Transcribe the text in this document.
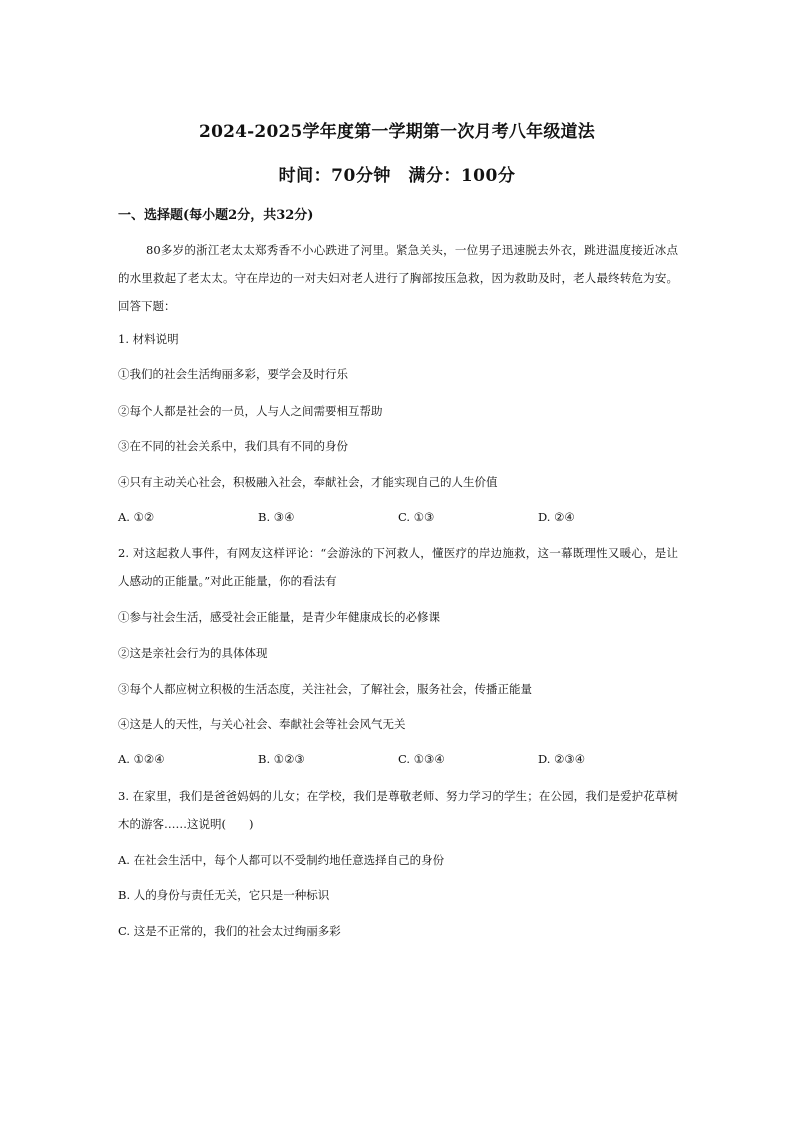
2024-2025学年度第一学期第一次月考八年级道法
时间：70分钟　满分：100分
一、选择题(每小题2分，共32分)
80多岁的浙江老太太郑秀香不小心跌进了河里。紧急关头，一位男子迅速脱去外衣，跳进温度接近冰点的水里救起了老太太。守在岸边的一对夫妇对老人进行了胸部按压急救，因为救助及时，老人最终转危为安。回答下题：
1. 材料说明
①我们的社会生活绚丽多彩，要学会及时行乐
②每个人都是社会的一员，人与人之间需要相互帮助
③在不同的社会关系中，我们具有不同的身份
④只有主动关心社会，积极融入社会，奉献社会，才能实现自己的人生价值
A. ①②	B. ③④	C. ①③	D. ②④
2. 对这起救人事件，有网友这样评论：“会游泳的下河救人，懂医疗的岸边施救，这一幕既理性又暖心，是让人感动的正能量。”对此正能量，你的看法有
①参与社会生活，感受社会正能量，是青少年健康成长的必修课
②这是亲社会行为的具体体现
③每个人都应树立积极的生活态度，关注社会，了解社会，服务社会，传播正能量
④这是人的天性，与关心社会、奉献社会等社会风气无关
A. ①②④	B. ①②③	C. ①③④	D. ②③④
3. 在家里，我们是爸爸妈妈的儿女；在学校，我们是尊敬老师、努力学习的学生；在公园，我们是爱护花草树木的游客……这说明(　　)
A. 在社会生活中，每个人都可以不受制约地任意选择自己的身份
B. 人的身份与责任无关，它只是一种标识
C. 这是不正常的，我们的社会太过绚丽多彩
